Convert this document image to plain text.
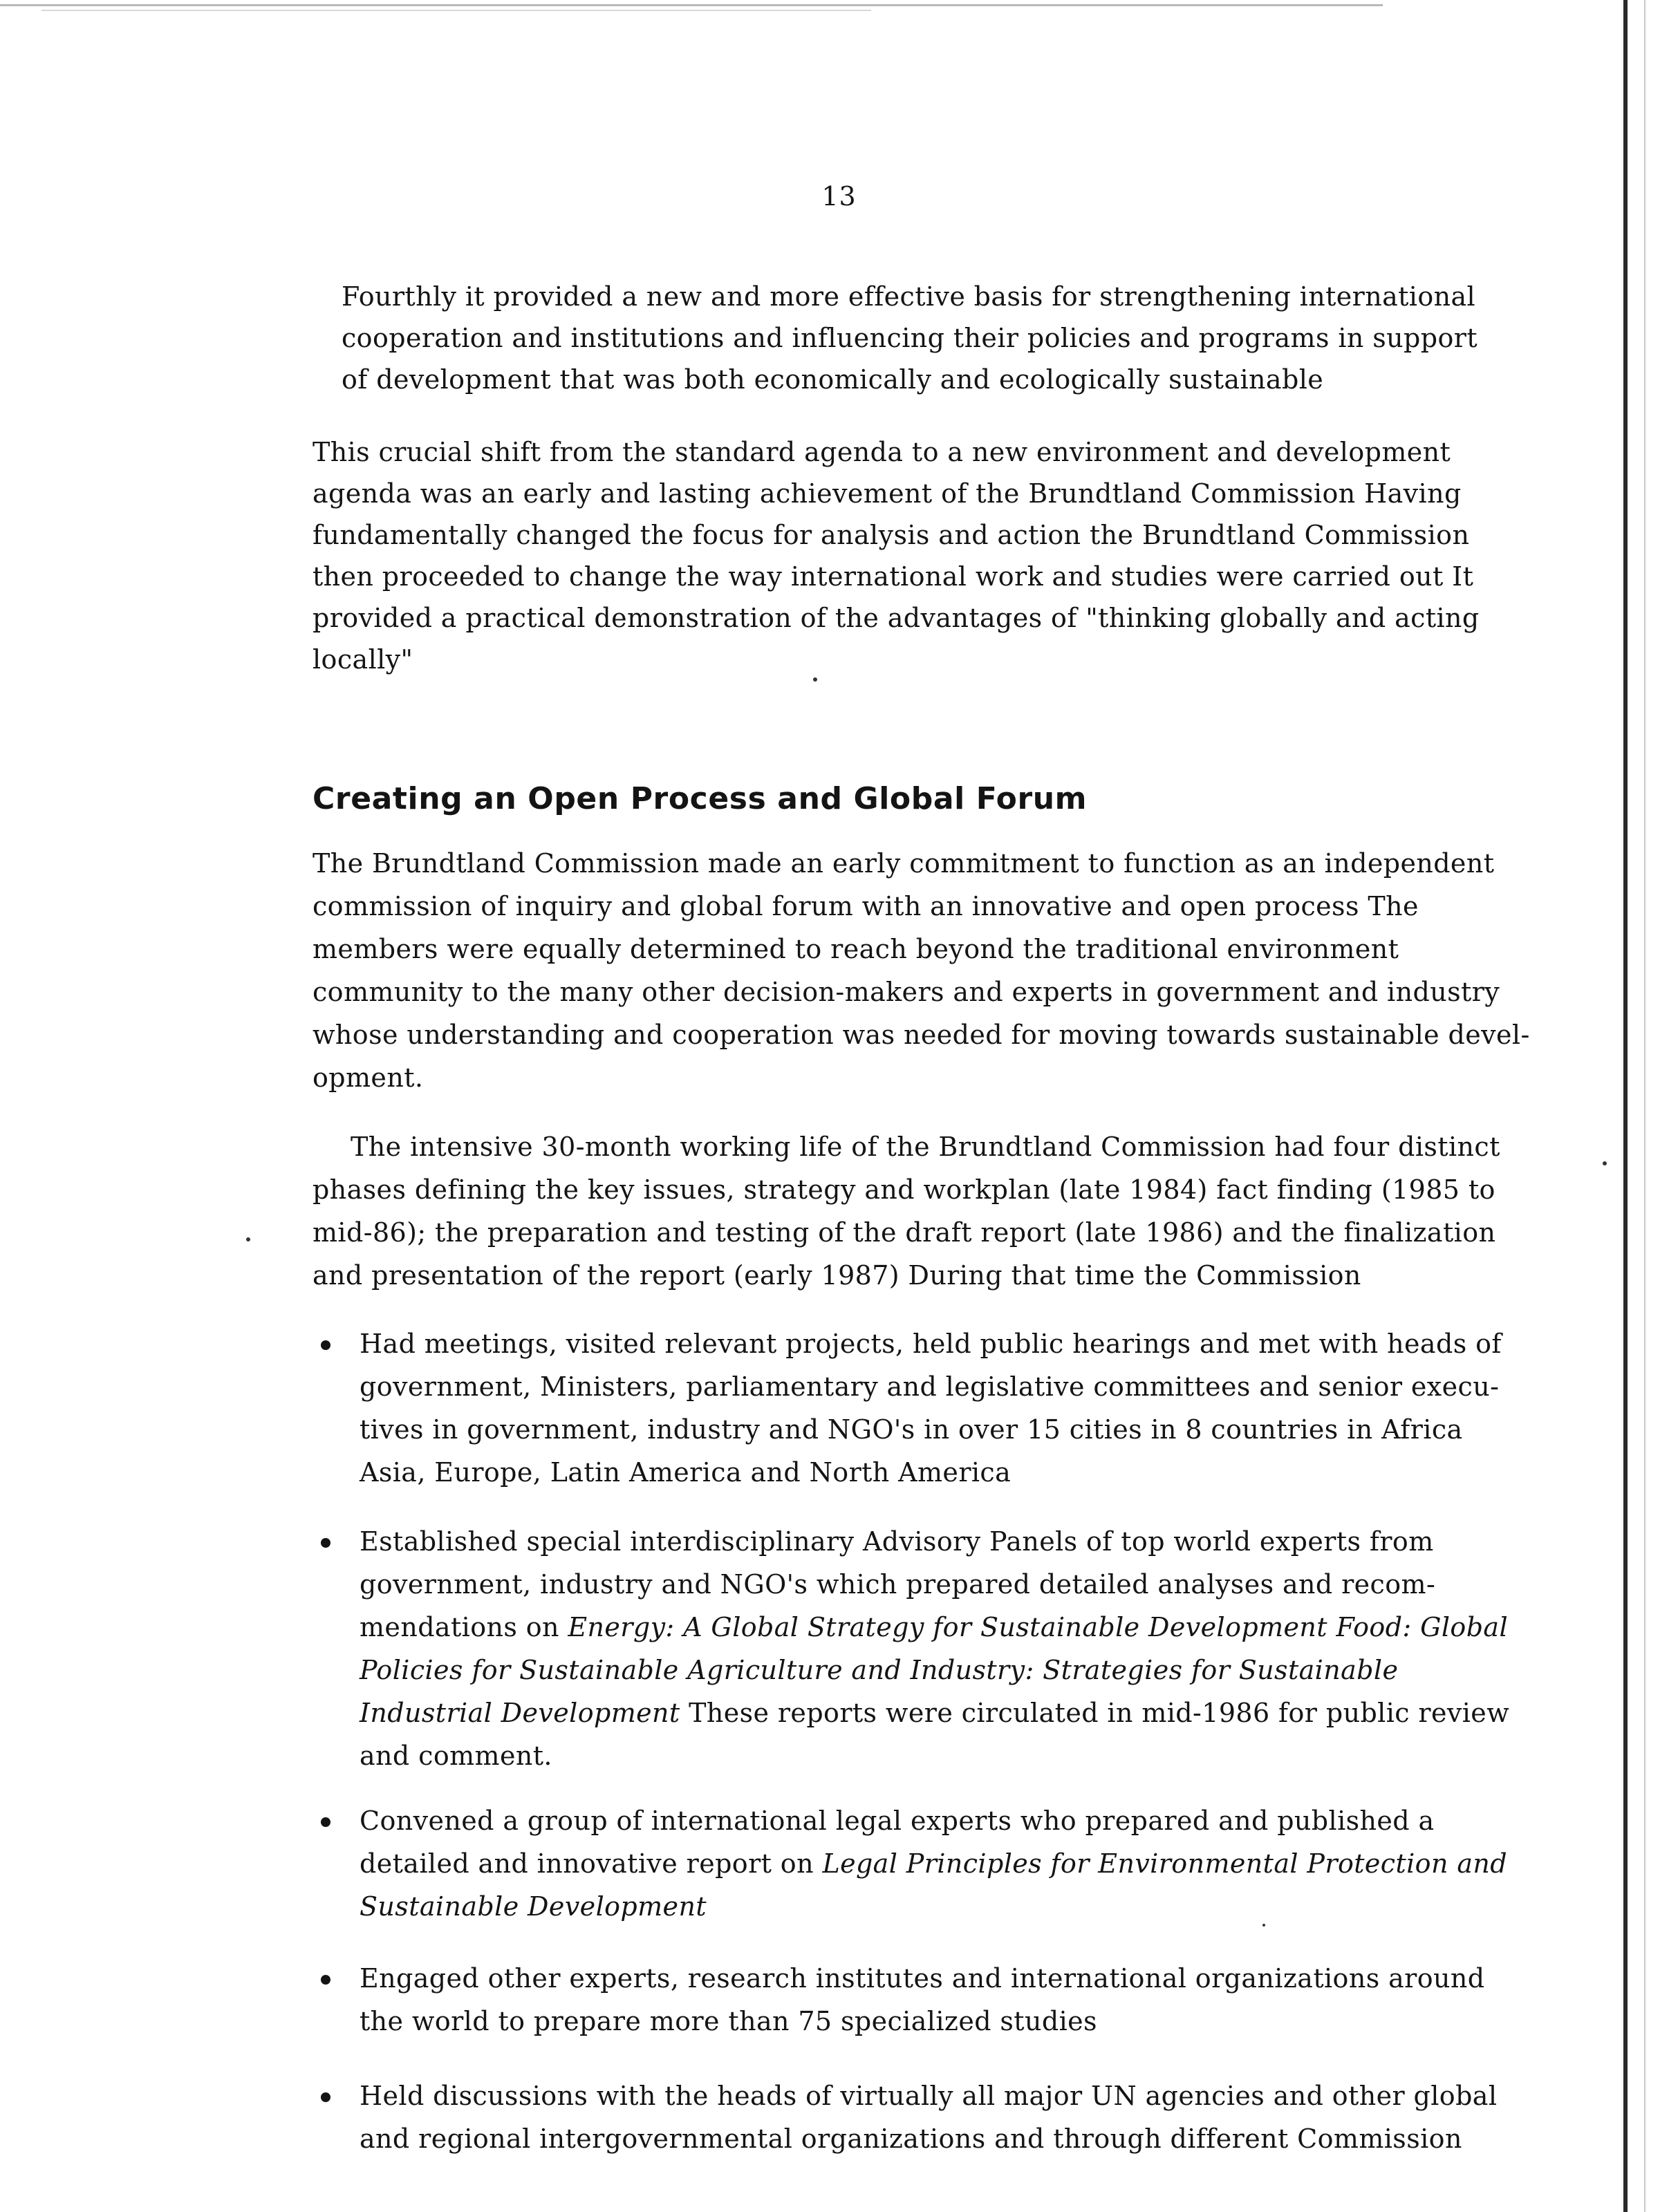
13
Fourthly it provided a new and more effective basis for strengthening international
cooperation and institutions and influencing their policies and programs in support
of development that was both economically and ecologically sustainable
This crucial shift from the standard agenda to a new environment and development
agenda was an early and lasting achievement of the Brundtland Commission Having
fundamentally changed the focus for analysis and action the Brundtland Commission
then proceeded to change the way international work and studies were carried out It
provided a practical demonstration of the advantages of "thinking globally and acting
locally"
Creating an Open Process and Global Forum
The Brundtland Commission made an early commitment to function as an independent
commission of inquiry and global forum with an innovative and open process The
members were equally determined to reach beyond the traditional environment
community to the many other decision-makers and experts in government and industry
whose understanding and cooperation was needed for moving towards sustainable devel-
opment.
The intensive 30-month working life of the Brundtland Commission had four distinct
phases defining the key issues, strategy and workplan (late 1984) fact finding (1985 to
mid-86); the preparation and testing of the draft report (late 1986) and the finalization
and presentation of the report (early 1987) During that time the Commission
Had meetings, visited relevant projects, held public hearings and met with heads of
government, Ministers, parliamentary and legislative committees and senior execu-
tives in government, industry and NGO's in over 15 cities in 8 countries in Africa
Asia, Europe, Latin America and North America
Established special interdisciplinary Advisory Panels of top world experts from
government, industry and NGO's which prepared detailed analyses and recom-
mendations on Energy: A Global Strategy for Sustainable Development Food: Global
Policies for Sustainable Agriculture and Industry: Strategies for Sustainable
Industrial Development These reports were circulated in mid-1986 for public review
and comment.
Convened a group of international legal experts who prepared and published a
detailed and innovative report on Legal Principles for Environmental Protection and
Sustainable Development
Engaged other experts, research institutes and international organizations around
the world to prepare more than 75 specialized studies
Held discussions with the heads of virtually all major UN agencies and other global
and regional intergovernmental organizations and through different Commission
